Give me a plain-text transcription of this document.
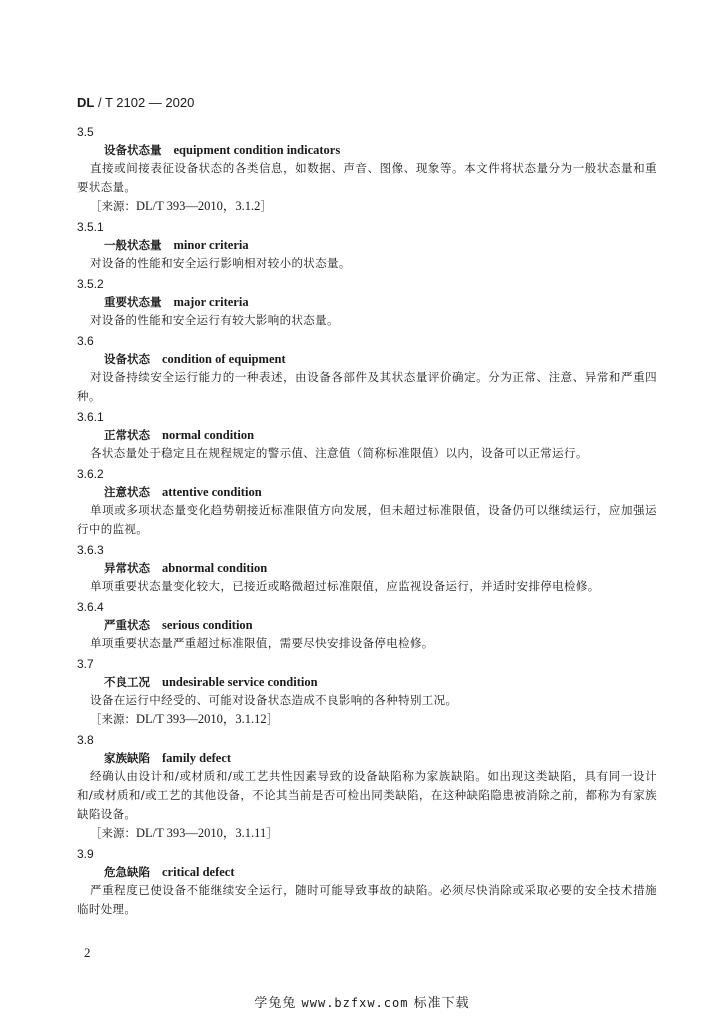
DL / T 2102 — 2020
3.5
设备状态量 equipment condition indicators
直接或间接表征设备状态的各类信息，如数据、声音、图像、现象等。本文件将状态量分为一般状态量和重要状态量。
［来源：DL/T 393—2010，3.1.2］
3.5.1
一般状态量 minor criteria
对设备的性能和安全运行影响相对较小的状态量。
3.5.2
重要状态量 major criteria
对设备的性能和安全运行有较大影响的状态量。
3.6
设备状态 condition of equipment
对设备持续安全运行能力的一种表述，由设备各部件及其状态量评价确定。分为正常、注意、异常和严重四种。
3.6.1
正常状态 normal condition
各状态量处于稳定且在规程规定的警示值、注意值（简称标准限值）以内，设备可以正常运行。
3.6.2
注意状态 attentive condition
单项或多项状态量变化趋势朝接近标准限值方向发展，但未超过标准限值，设备仍可以继续运行，应加强运行中的监视。
3.6.3
异常状态 abnormal condition
单项重要状态量变化较大，已接近或略微超过标准限值，应监视设备运行，并适时安排停电检修。
3.6.4
严重状态 serious condition
单项重要状态量严重超过标准限值，需要尽快安排设备停电检修。
3.7
不良工况 undesirable service condition
设备在运行中经受的、可能对设备状态造成不良影响的各种特别工况。
［来源：DL/T 393—2010，3.1.12］
3.8
家族缺陷 family defect
经确认由设计和/或材质和/或工艺共性因素导致的设备缺陷称为家族缺陷。如出现这类缺陷，具有同一设计和/或材质和/或工艺的其他设备，不论其当前是否可检出同类缺陷，在这种缺陷隐患被消除之前，都称为有家族缺陷设备。
［来源：DL/T 393—2010，3.1.11］
3.9
危急缺陷 critical defect
严重程度已使设备不能继续安全运行，随时可能导致事故的缺陷。必须尽快消除或采取必要的安全技术措施临时处理。
2
学兔兔 www.bzfxw.com 标准下载
